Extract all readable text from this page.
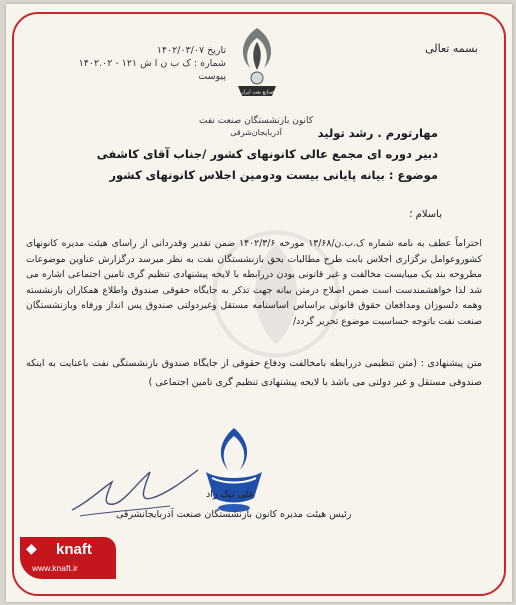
بسمه تعالی
تاریخ ۱۴۰۲/۰۳/۰۷
شماره : ک ب ن ا ش ۱۲۱ - ۱۴۰۲.۰۲
پیوست
صنایع نفت ایران
کانون بازنشستگان صنعت نفت
آذربایجان‌شرقی	مهارتورم . رشد تولید
دبیر دوره ای مجمع عالی کانونهای کشور /جناب آقای کاشفی
موضوع : بیانه پایانی بیست ودومین اجلاس کانونهای کشور
باسلام ؛
احتراماً عطف به نامه شماره ک.ب.ن/۱۳/۶۸ مورخه ۱۴۰۲/۳/۶ ضمن تقدیر وقدردانی از راسای هیئت مدیره کانونهای کشوروعوامل برگزاری اجلاس بابت طرح مطالبات بحق بازنشستگان نفت به نظر میرسد درگزارش عناوین موضوعات مطروحه بند یک میبایست مخالفت و غیر قانونی بودن دررابطه با لایحه پیشنهادی تنظیم گری تامین اجتماعی اشاره می شد لذا خواهشمندست است ضمن اصلاح درمتن بیانه جهت تذکر به جایگاه حقوقی صندوق واطلاع همکاران بازنشسته وهمه دلسوزان ومدافعان حقوق قانونی براساس اساسنامه مستقل وغیردولتی صندوق پس انداز ورفاه وبازنشستگان صنعت نفت باتوجه حساسیت موضوع تحریر گردد/
متن پیشنهادی : (متن تنظیمی دررابطه بامخالفت ودفاع حقوقی از جایگاه صندوق بازنشستگی نفت باعنایت به اینکه صندوقی مستقل و غیر دولتی می باشد با لایحه پیشنهادی تنظیم گری تامین اجتماعی )
TABRIZ
علی نیک زاد
رئیس هیئت مدیره کانون بازنشستگان صنعت آذربایجانشرقی
◆ knaft
www.knaft.ir
